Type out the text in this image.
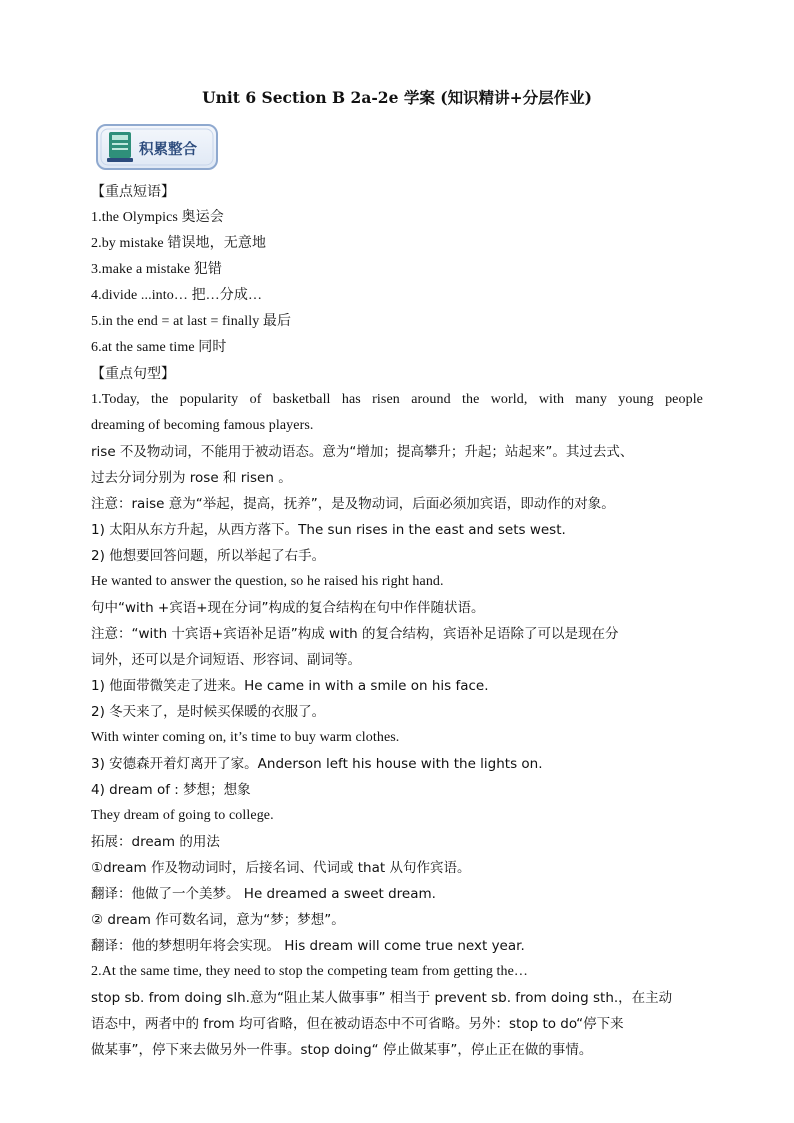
Unit 6 Section B 2a-2e 学案 (知识精讲+分层作业)
积累整合
【重点短语】
1.the Olympics 奥运会
2.by mistake 错误地，无意地
3.make a mistake 犯错
4.divide ...into… 把…分成…
5.in the end = at last = finally 最后
6.at the same time 同时
【重点句型】
1.Today, the popularity of basketball has risen around the world, with many young people
dreaming of becoming famous players.
rise 不及物动词，不能用于被动语态。意为“增加；提高攀升；升起；站起来”。其过去式、
过去分词分别为 rose 和 risen 。
注意：raise 意为“举起，提高，抚养”，是及物动词，后面必须加宾语，即动作的对象。
1) 太阳从东方升起，从西方落下。The sun rises in the east and sets west.
2) 他想要回答问题，所以举起了右手。
He wanted to answer the question, so he raised his right hand.
句中“with +宾语+现在分词”构成的复合结构在句中作伴随状语。
注意：“with 十宾语+宾语补足语”构成 with 的复合结构，宾语补足语除了可以是现在分
词外，还可以是介词短语、形容词、副词等。
1) 他面带微笑走了进来。He came in with a smile on his face.
2) 冬天来了，是时候买保暖的衣服了。
With winter coming on, it’s time to buy warm clothes.
3) 安德森开着灯离开了家。Anderson left his house with the lights on.
4) dream of : 梦想；想象
They dream of going to college.
拓展：dream 的用法
①dream 作及物动词时，后接名词、代词或 that 从句作宾语。
翻译：他做了一个美梦。 He dreamed a sweet dream.
② dream 作可数名词，意为“梦；梦想”。
翻译：他的梦想明年将会实现。 His dream will come true next year.
2.At the same time, they need to stop the competing team from getting the…
stop sb. from doing slh.意为“阻止某人做事事” 相当于 prevent sb. from doing sth.，在主动
语态中，两者中的 from 均可省略，但在被动语态中不可省略。另外：stop to do“停下来
做某事”，停下来去做另外一件事。stop doing“ 停止做某事”，停止正在做的事情。
